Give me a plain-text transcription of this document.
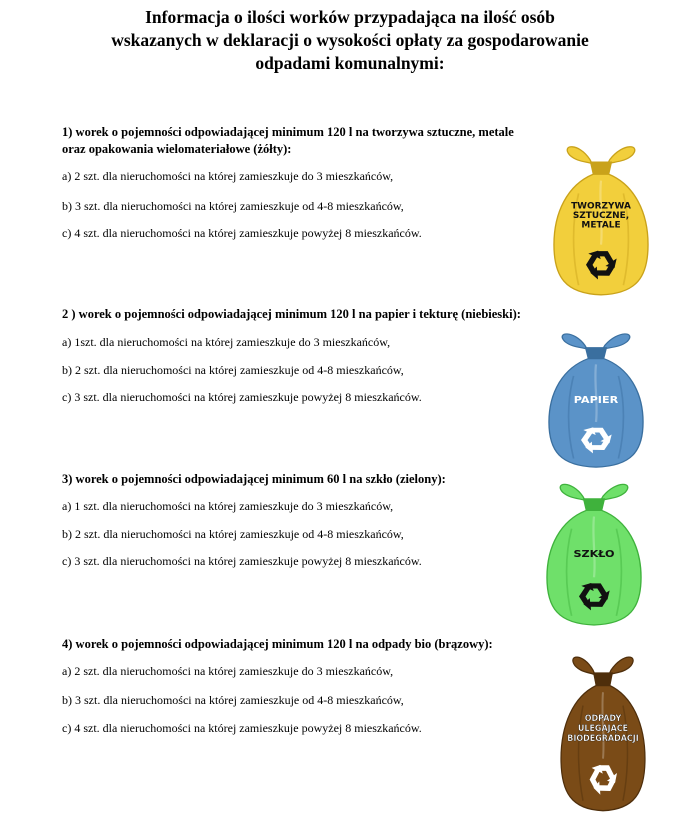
Informacja o ilości worków przypadająca na ilość osób
wskazanych w deklaracji o wysokości opłaty za gospodarowanie
odpadami komunalnymi:
1) worek o pojemności odpowiadającej minimum 120 l na tworzywa sztuczne, metale
oraz opakowania wielomateriałowe (żółty):
a) 2 szt. dla nieruchomości na której zamieszkuje do 3 mieszkańców,
b) 3 szt. dla nieruchomości na której zamieszkuje od 4-8 mieszkańców,
c) 4 szt. dla nieruchomości na której zamieszkuje powyżej 8 mieszkańców.
2 ) worek o pojemności odpowiadającej minimum 120 l na papier i tekturę (niebieski):
a) 1szt. dla nieruchomości na której zamieszkuje do 3 mieszkańców,
b) 2 szt. dla nieruchomości na której zamieszkuje od 4-8 mieszkańców,
c) 3 szt. dla nieruchomości na której zamieszkuje powyżej 8 mieszkańców.
3) worek o pojemności odpowiadającej minimum 60 l na szkło (zielony):
a) 1 szt. dla nieruchomości na której zamieszkuje do 3 mieszkańców,
b) 2 szt. dla nieruchomości na której zamieszkuje od 4-8 mieszkańców,
c) 3 szt. dla nieruchomości na której zamieszkuje powyżej 8 mieszkańców.
4) worek o pojemności odpowiadającej minimum 120 l na odpady bio (brązowy):
a) 2 szt. dla nieruchomości na której zamieszkuje do 3 mieszkańców,
b) 3 szt. dla nieruchomości na której zamieszkuje od 4-8 mieszkańców,
c) 4 szt. dla nieruchomości na której zamieszkuje powyżej 8 mieszkańców.
TWORZYWA
SZTUCZNE,
METALE
PAPIER
SZKŁO
ODPADY
ULEGAJĄCE
BIODEGRADACJI
